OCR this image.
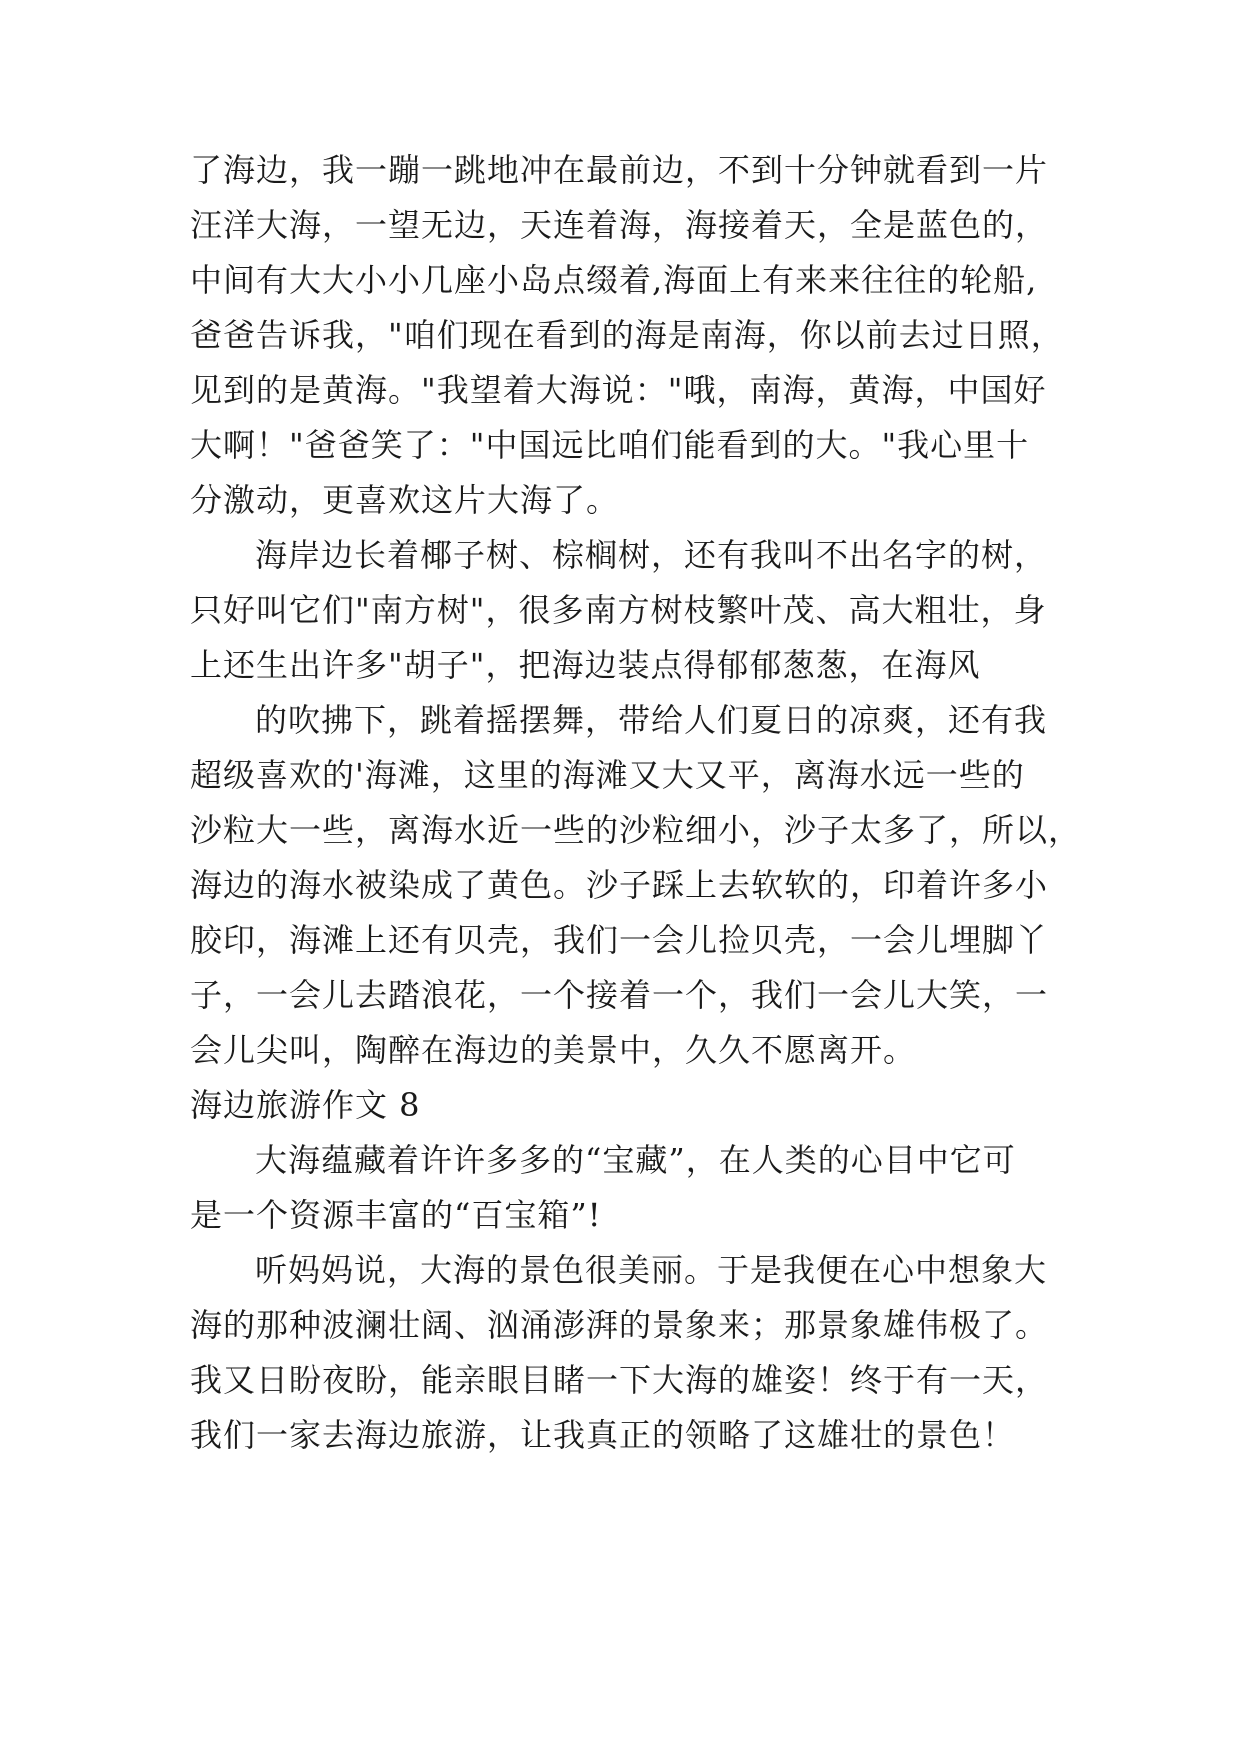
了海边，我一蹦一跳地冲在最前边，不到十分钟就看到一片
汪洋大海，一望无边，天连着海，海接着天，全是蓝色的，
中间有大大小小几座小岛点缀着,海面上有来来往往的轮船,
爸爸告诉我，"咱们现在看到的海是南海，你以前去过日照，
见到的是黄海。"我望着大海说："哦，南海，黄海，中国好
大啊！"爸爸笑了："中国远比咱们能看到的大。"我心里十
分激动，更喜欢这片大海了。
海岸边长着椰子树、棕榈树，还有我叫不出名字的树，
只好叫它们"南方树"，很多南方树枝繁叶茂、高大粗壮，身
上还生出许多"胡子"，把海边装点得郁郁葱葱，在海风
的吹拂下，跳着摇摆舞，带给人们夏日的凉爽，还有我
超级喜欢的'海滩，这里的海滩又大又平，离海水远一些的
沙粒大一些，离海水近一些的沙粒细小，沙子太多了，所以，
海边的海水被染成了黄色。沙子踩上去软软的，印着许多小
胶印，海滩上还有贝壳，我们一会儿捡贝壳，一会儿埋脚丫
子，一会儿去踏浪花，一个接着一个，我们一会儿大笑，一
会儿尖叫，陶醉在海边的美景中，久久不愿离开。
海边旅游作文 8
大海蕴藏着许许多多的“宝藏”，在人类的心目中它可
是一个资源丰富的“百宝箱”!
听妈妈说，大海的景色很美丽。于是我便在心中想象大
海的那种波澜壮阔、汹涌澎湃的景象来；那景象雄伟极了。
我又日盼夜盼，能亲眼目睹一下大海的雄姿！终于有一天，
我们一家去海边旅游，让我真正的领略了这雄壮的景色！
